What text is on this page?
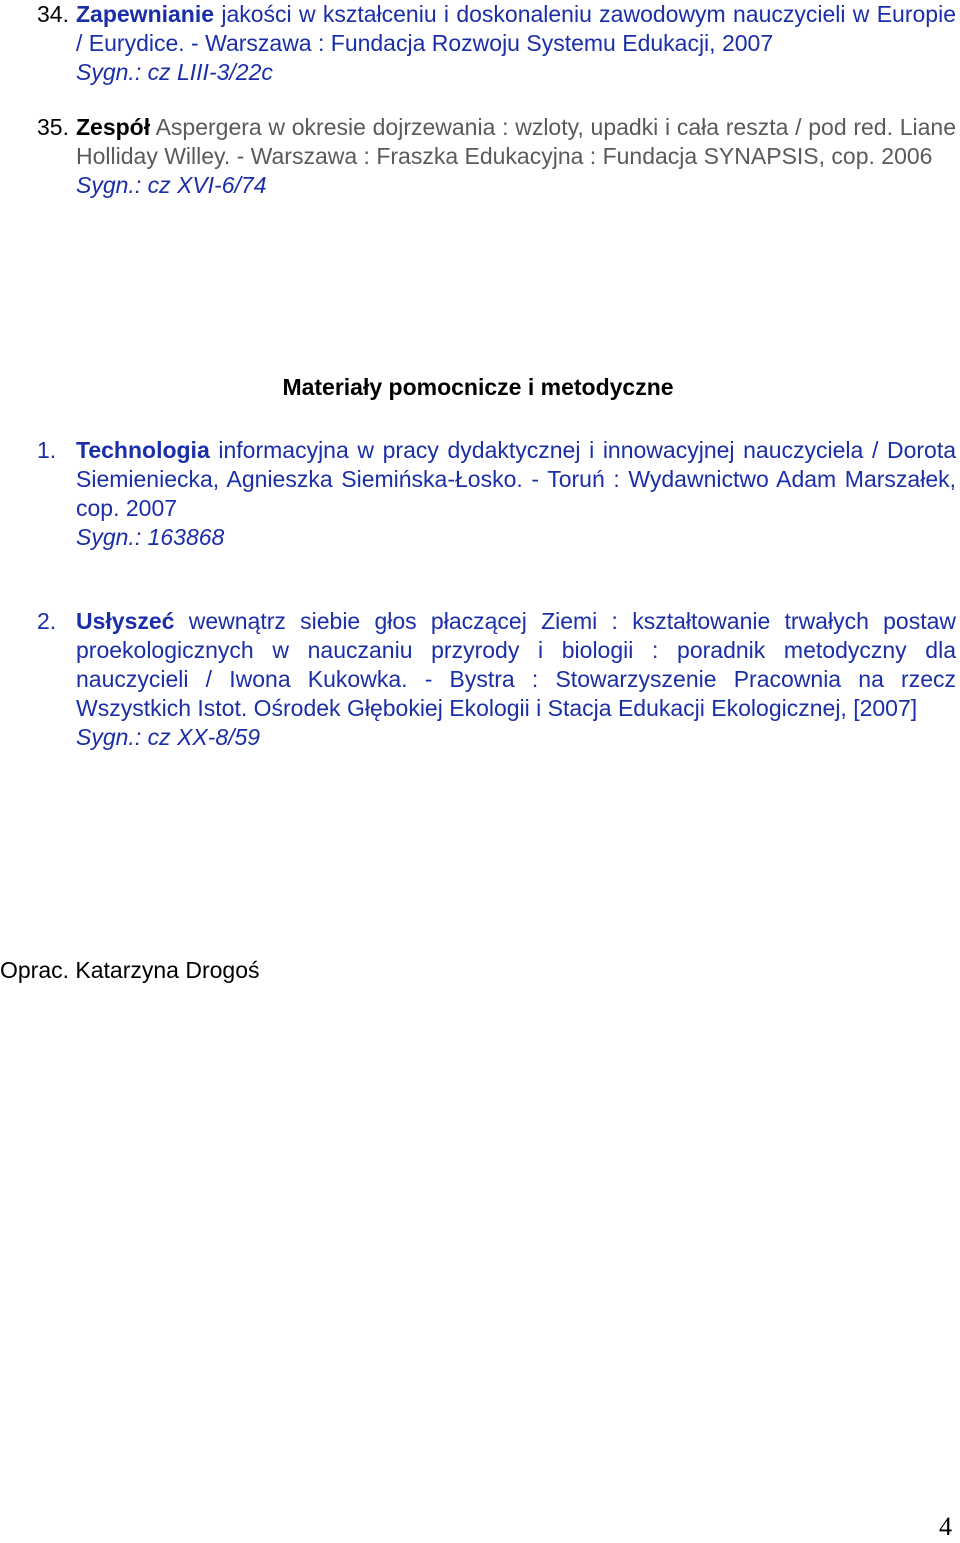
34. Zapewnianie jakości w kształceniu i doskonaleniu zawodowym nauczycieli w Europie / Eurydice. - Warszawa : Fundacja Rozwoju Systemu Edukacji, 2007
Sygn.: cz LIII-3/22c
35. Zespół Aspergera w okresie dojrzewania : wzloty, upadki i cała reszta / pod red. Liane Holliday Willey. - Warszawa : Fraszka Edukacyjna : Fundacja SYNAPSIS, cop. 2006
Sygn.: cz XVI-6/74
Materiały pomocnicze i metodyczne
Technologia informacyjna w pracy dydaktycznej i innowacyjnej nauczyciela / Dorota Siemieniecka, Agnieszka Siemińska-Łosko. - Toruń : Wydawnictwo Adam Marszałek, cop. 2007
Sygn.: 163868
1.
Usłyszeć wewnątrz siebie głos płaczącej Ziemi : kształtowanie trwałych postaw proekologicznych w nauczaniu przyrody i biologii : poradnik metodyczny dla nauczycieli / Iwona Kukowka. - Bystra : Stowarzyszenie Pracownia na rzecz Wszystkich Istot. Ośrodek Głębokiej Ekologii i Stacja Edukacji Ekologicznej, [2007]
Sygn.: cz XX-8/59
2.
Oprac. Katarzyna Drogoś
4
